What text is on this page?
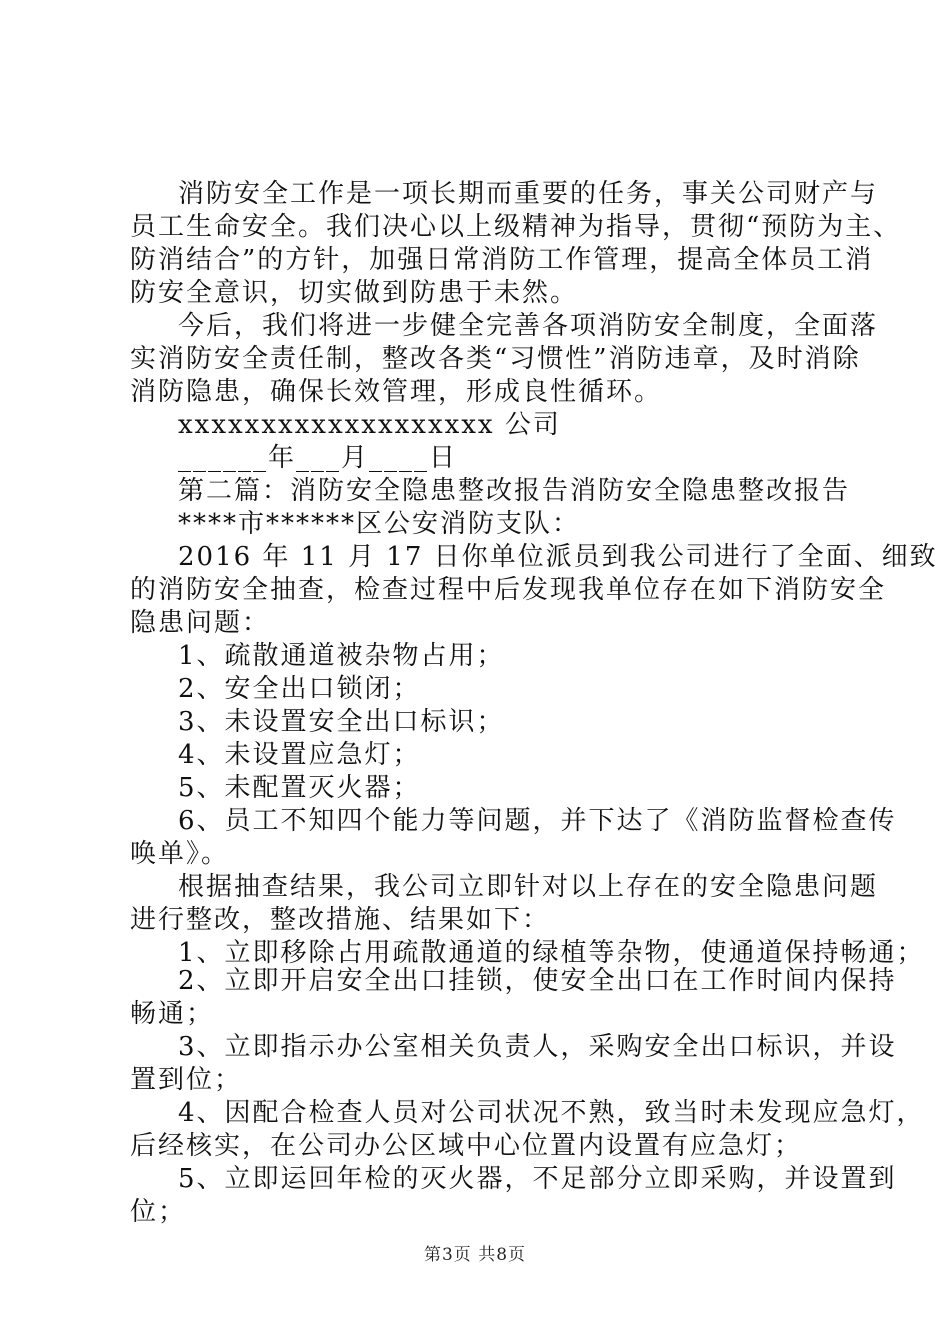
消防安全工作是一项长期而重要的任务，事关公司财产与
员工生命安全。我们决心以上级精神为指导，贯彻“预防为主、
防消结合”的方针，加强日常消防工作管理，提高全体员工消
防安全意识，切实做到防患于未然。
今后，我们将进一步健全完善各项消防安全制度，全面落
实消防安全责任制，整改各类“习惯性”消防违章，及时消除
消防隐患，确保长效管理，形成良性循环。
xxxxxxxxxxxxxxxxxxx 公司
______年___月____日
第二篇：消防安全隐患整改报告消防安全隐患整改报告
****市******区公安消防支队：
2016 年 11 月 17 日你单位派员到我公司进行了全面、细致
的消防安全抽查，检查过程中后发现我单位存在如下消防安全
隐患问题：
1、疏散通道被杂物占用；
2、安全出口锁闭；
3、未设置安全出口标识；
4、未设置应急灯；
5、未配置灭火器；
6、员工不知四个能力等问题，并下达了《消防监督检查传
唤单》。
根据抽查结果，我公司立即针对以上存在的安全隐患问题
进行整改，整改措施、结果如下：
1、立即移除占用疏散通道的绿植等杂物，使通道保持畅通；
2、立即开启安全出口挂锁，使安全出口在工作时间内保持
畅通；
3、立即指示办公室相关负责人，采购安全出口标识，并设
置到位；
4、因配合检查人员对公司状况不熟，致当时未发现应急灯，
后经核实，在公司办公区域中心位置内设置有应急灯；
5、立即运回年检的灭火器，不足部分立即采购，并设置到
位；
第3页 共8页
